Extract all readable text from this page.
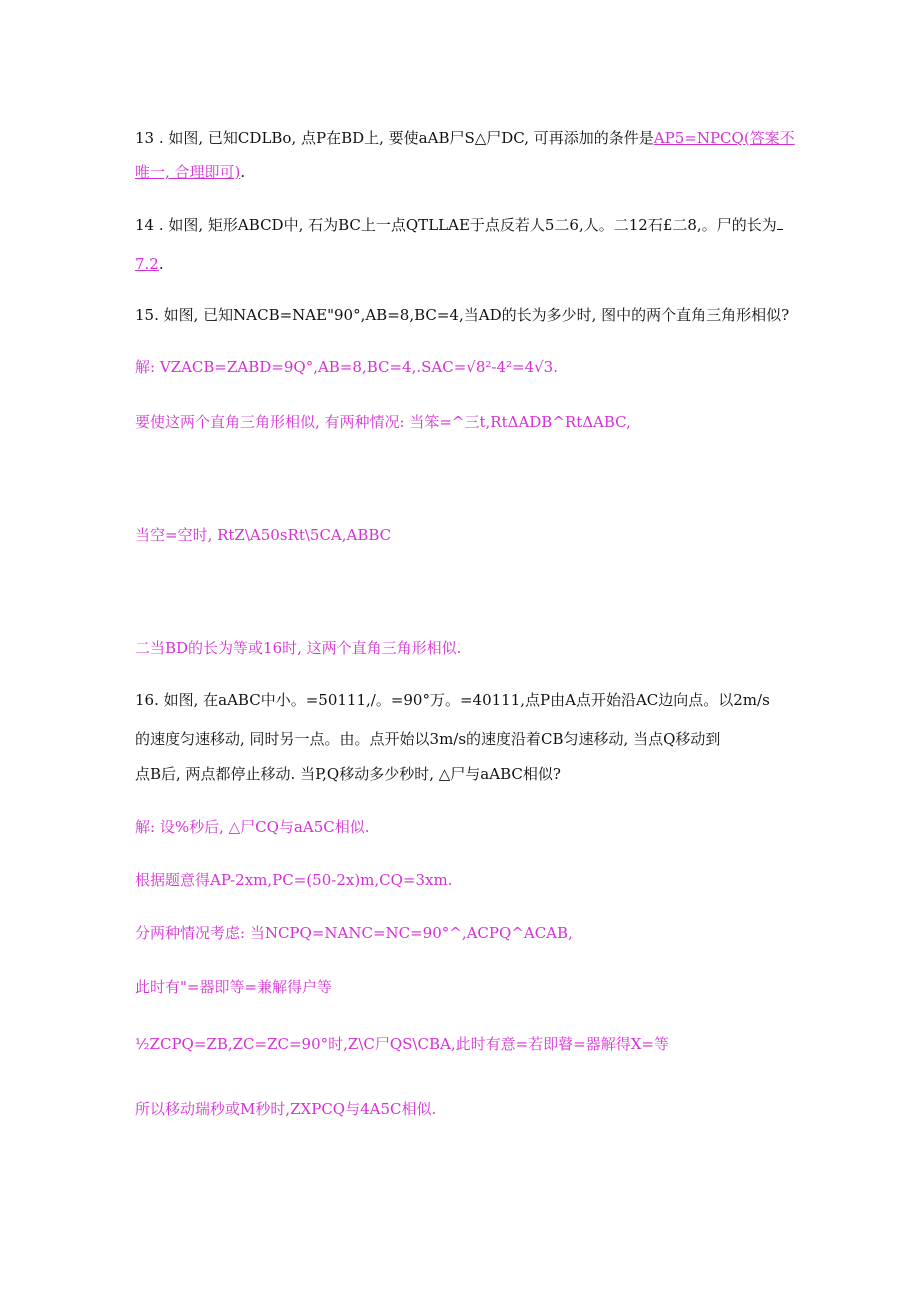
13 . 如图, 已知CDLBo, 点P在BD上, 要使aAB尸S△尸DC, 可再添加的条件是AP5=NPCQ(答案不
唯一, 合理即可).
14 . 如图, 矩形ABCD中, 石为BC上一点QTLLAE于点反若人5二6,人。二12石£二8,。尸的长为
7.2.
15. 如图, 已知NACB=NAE"90°,AB=8,BC=4,当AD的长为多少时, 图中的两个直角三角形相似?
解: VZACB=ZABD=9Q°,AB=8,BC=4,.SAC=√8²-4²=4√3.
要使这两个直角三角形相似, 有两种情况: 当笨=^三t,RtΔADB^RtΔABC,
当空=空时, RtZ\A50sRt\5CA,ABBC
二当BD的长为等或16时, 这两个直角三角形相似.
16. 如图, 在aABC中小。=50111,/。=90°万。=40111,点P由A点开始沿AC边向点。以2m/s
的速度匀速移动, 同时另一点。由。点开始以3m/s的速度沿着CB匀速移动, 当点Q移动到
点B后, 两点都停止移动. 当P,Q移动多少秒时, △尸与aABC相似?
解: 设%秒后, △尸CQ与aA5C相似.
根据题意得AP-2xm,PC=(50-2x)m,CQ=3xm.
分两种情况考虑: 当NCPQ=NANC=NC=90°^,ACPQ^ACAB,
此时有"=器即等=兼解得户等
½ZCPQ=ZB,ZC=ZC=90°时,Z\C尸QS\CBA,此时有意=若即瞽=器解得X=等
所以移动瑞秒或M秒时,ZXPCQ与4A5C相似.
